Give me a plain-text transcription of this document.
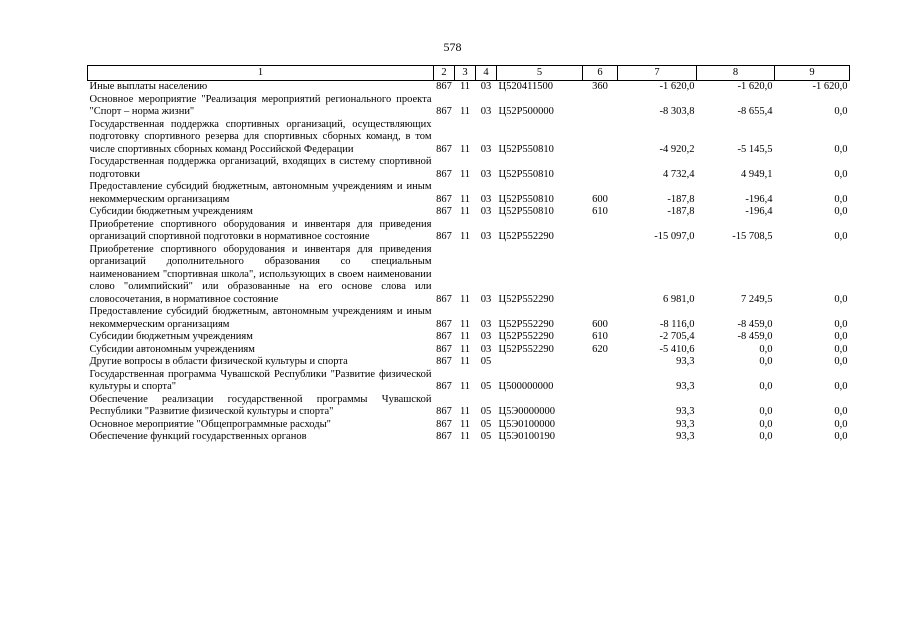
578
1	2	3	4	5	6	7	8	9
Иные выплаты населению	867	11	03	Ц520411500	360	-1 620,0	-1 620,0	-1 620,0
Основное мероприятие "Реализация мероприятий регионального проекта "Спорт – норма жизни"	867	11	03	Ц52P500000		-8 303,8	-8 655,4	0,0
Государственная поддержка спортивных организаций, осуществляющих подготовку спортивного резерва для спортивных сборных команд, в том числе спортивных сборных команд Российской Федерации	867	11	03	Ц52P550810		-4 920,2	-5 145,5	0,0
Государственная поддержка организаций, входящих в систему спортивной подготовки	867	11	03	Ц52P550810		4 732,4	4 949,1	0,0
Предоставление субсидий бюджетным, автономным учреждениям и иным некоммерческим организациям	867	11	03	Ц52P550810	600	-187,8	-196,4	0,0
Субсидии бюджетным учреждениям	867	11	03	Ц52P550810	610	-187,8	-196,4	0,0
Приобретение спортивного оборудования и инвентаря для приведения организаций спортивной подготовки в нормативное состояние	867	11	03	Ц52P552290		-15 097,0	-15 708,5	0,0
Приобретение спортивного оборудования и инвентаря для приведения организаций дополнительного образования со специальным наименованием "спортивная школа", использующих в своем наименовании слово "олимпийский" или образованные на его основе слова или словосочетания, в нормативное состояние	867	11	03	Ц52P552290		6 981,0	7 249,5	0,0
Предоставление субсидий бюджетным, автономным учреждениям и иным некоммерческим организациям	867	11	03	Ц52P552290	600	-8 116,0	-8 459,0	0,0
Субсидии бюджетным учреждениям	867	11	03	Ц52P552290	610	-2 705,4	-8 459,0	0,0
Субсидии автономным учреждениям	867	11	03	Ц52P552290	620	-5 410,6	0,0	0,0
Другие вопросы в области физической культуры и спорта	867	11	05			93,3	0,0	0,0
Государственная программа Чувашской Республики "Развитие физической культуры и спорта"	867	11	05	Ц500000000		93,3	0,0	0,0
Обеспечение реализации государственной программы Чувашской Республики "Развитие физической культуры и спорта"	867	11	05	Ц5Э0000000		93,3	0,0	0,0
Основное мероприятие "Общепрограммные расходы"	867	11	05	Ц5Э0100000		93,3	0,0	0,0
Обеспечение функций государственных органов	867	11	05	Ц5Э0100190		93,3	0,0	0,0
